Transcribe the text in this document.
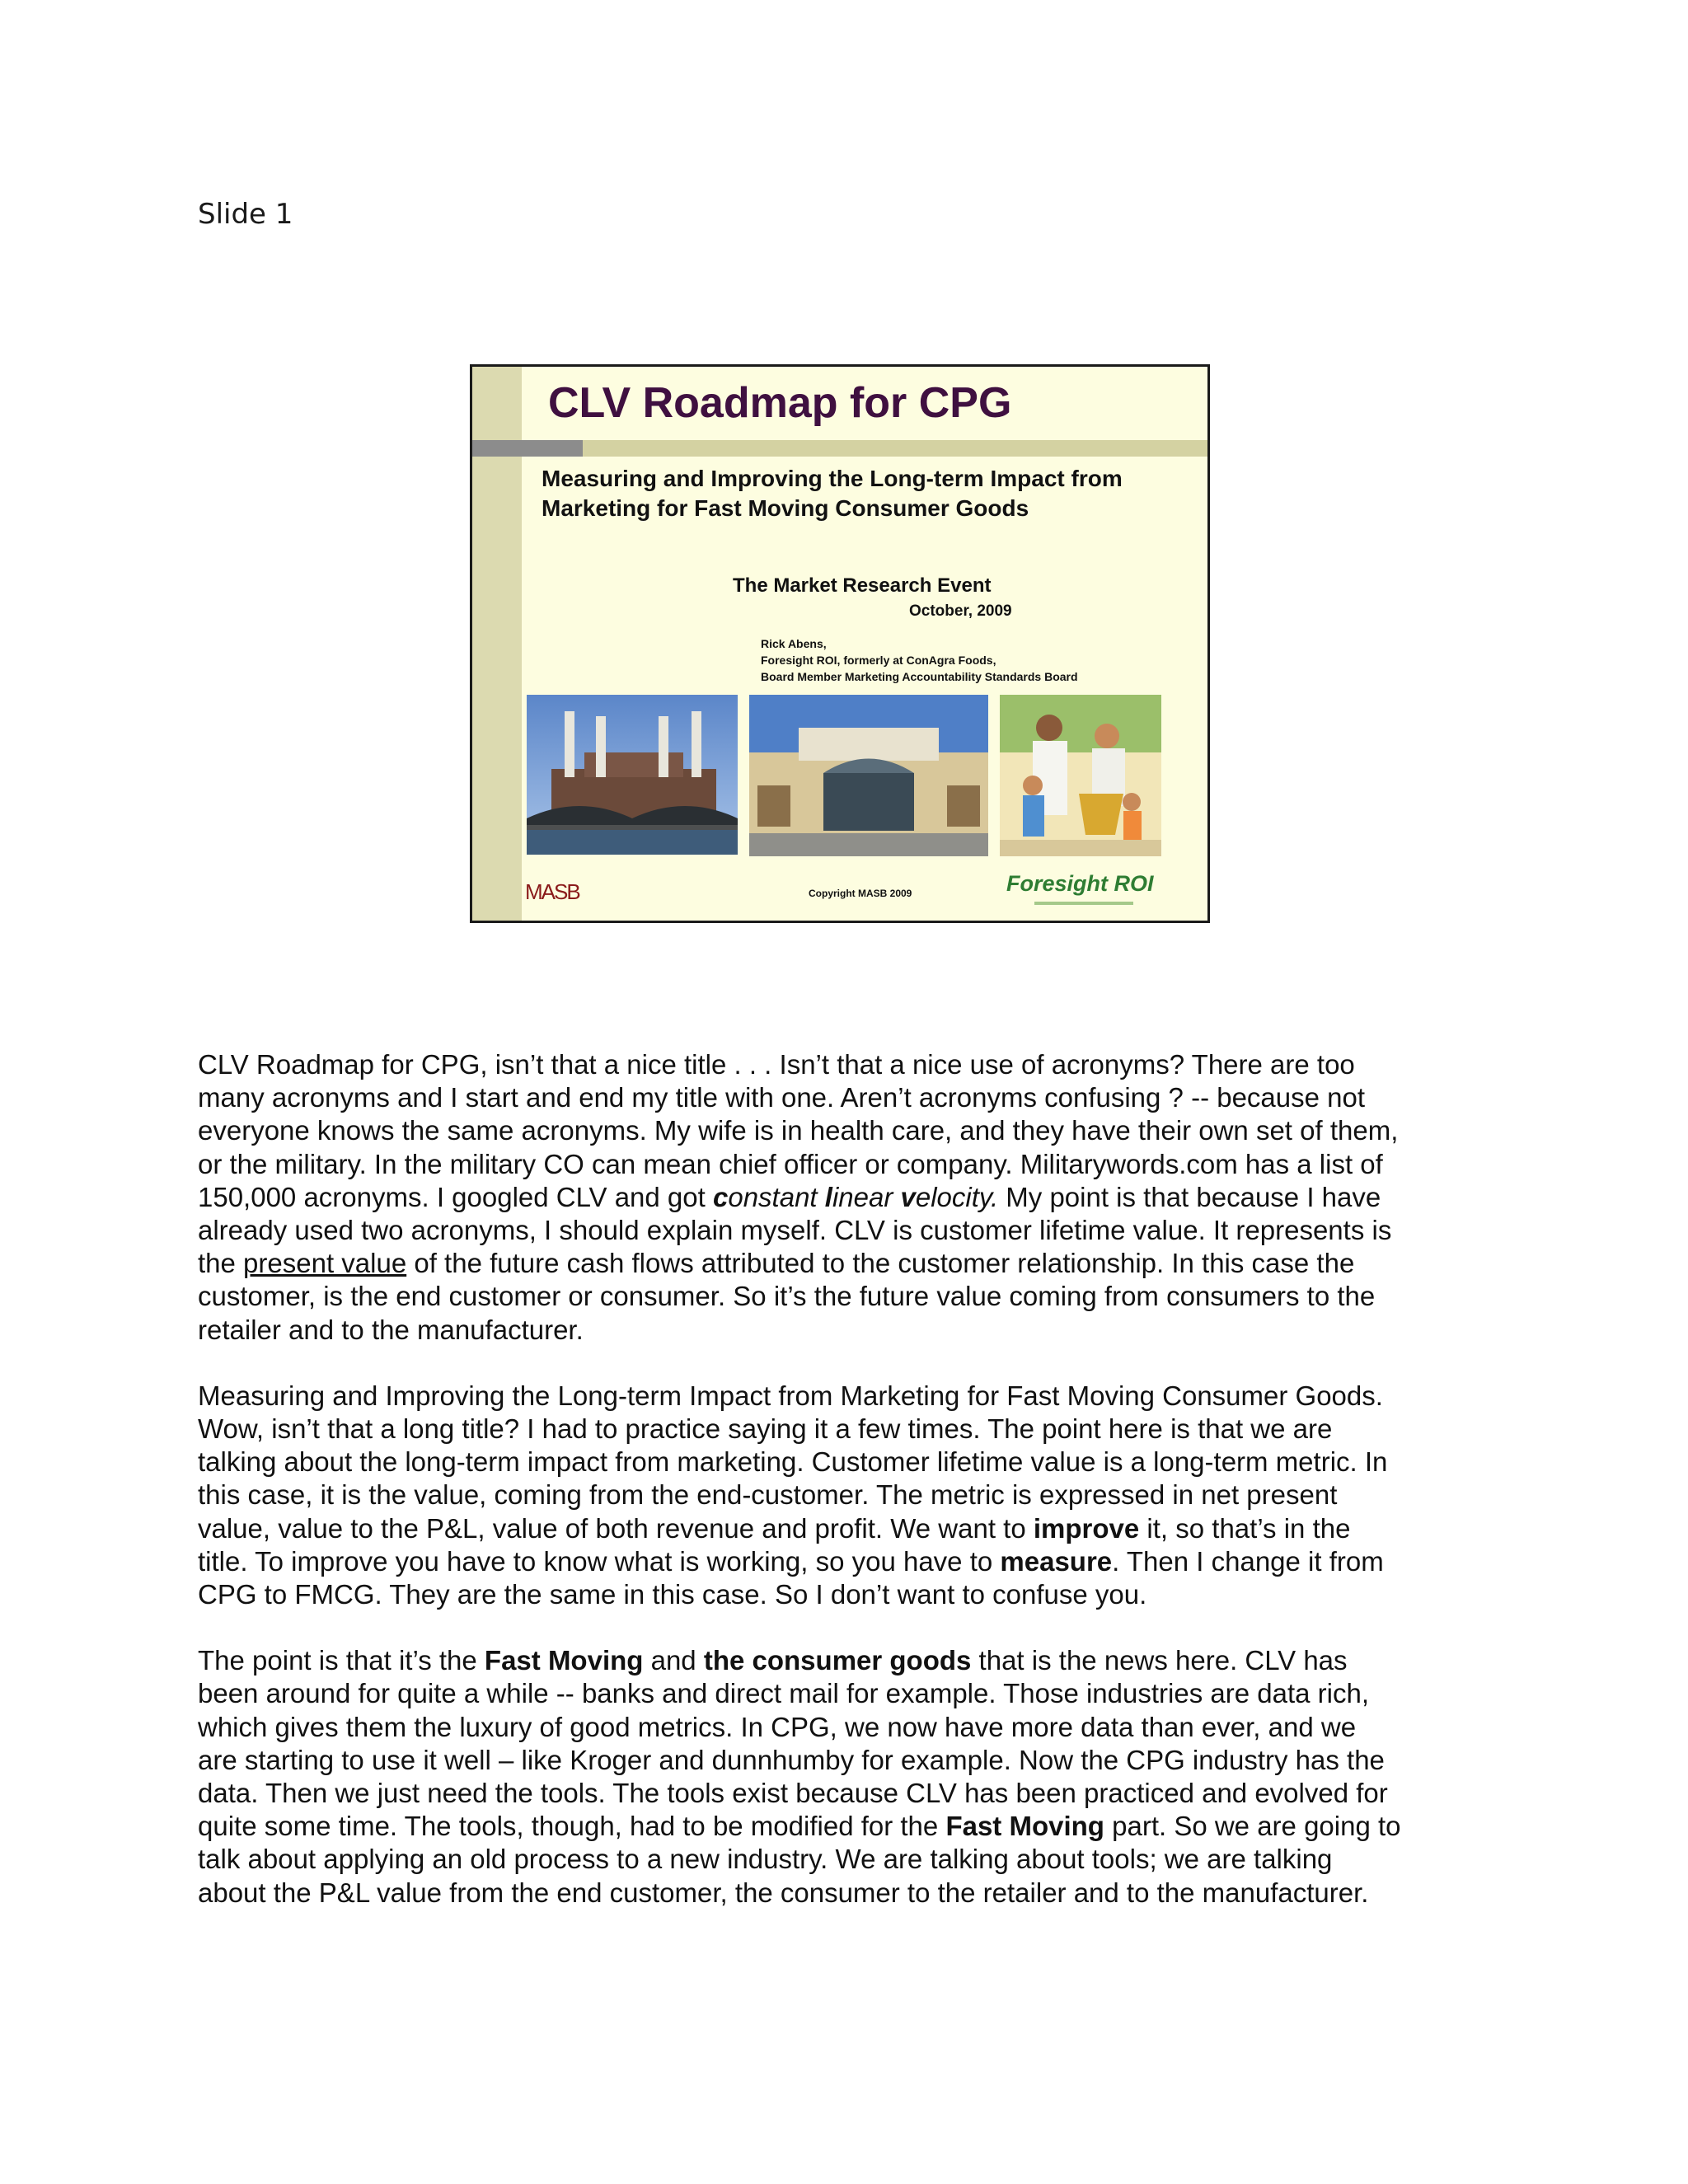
Slide 1
CLV Roadmap for CPG
Measuring and Improving the Long-term Impact from
Marketing for Fast Moving Consumer Goods
The Market Research Event
October, 2009
Rick Abens,
Foresight ROI, formerly at ConAgra Foods,
Board Member Marketing Accountability Standards Board
MASB	Copyright MASB 2009	Foresight ROI

CLV Roadmap for CPG, isn’t that a nice title . . . Isn’t that a nice use of acronyms? There are too
many acronyms and I start and end my title with one. Aren’t acronyms confusing ? -- because not
everyone knows the same acronyms. My wife is in health care, and they have their own set of them,
or the military. In the military CO can mean chief officer or company. Militarywords.com has a list of
150,000 acronyms. I googled CLV and got constant linear velocity. My point is that because I have
already used two acronyms, I should explain myself. CLV is customer lifetime value. It represents is
the present value of the future cash flows attributed to the customer relationship. In this case the
customer, is the end customer or consumer. So it’s the future value coming from consumers to the
retailer and to the manufacturer.

Measuring and Improving the Long-term Impact from Marketing for Fast Moving Consumer Goods.
Wow, isn’t that a long title? I had to practice saying it a few times. The point here is that we are
talking about the long-term impact from marketing. Customer lifetime value is a long-term metric. In
this case, it is the value, coming from the end-customer. The metric is expressed in net present
value, value to the P&L, value of both revenue and profit. We want to improve it, so that’s in the
title. To improve you have to know what is working, so you have to measure. Then I change it from
CPG to FMCG. They are the same in this case. So I don’t want to confuse you.

The point is that it’s the Fast Moving and the consumer goods that is the news here. CLV has
been around for quite a while -- banks and direct mail for example. Those industries are data rich,
which gives them the luxury of good metrics. In CPG, we now have more data than ever, and we
are starting to use it well – like Kroger and dunnhumby for example. Now the CPG industry has the
data. Then we just need the tools. The tools exist because CLV has been practiced and evolved for
quite some time. The tools, though, had to be modified for the Fast Moving part. So we are going to
talk about applying an old process to a new industry. We are talking about tools; we are talking
about the P&L value from the end customer, the consumer to the retailer and to the manufacturer.
